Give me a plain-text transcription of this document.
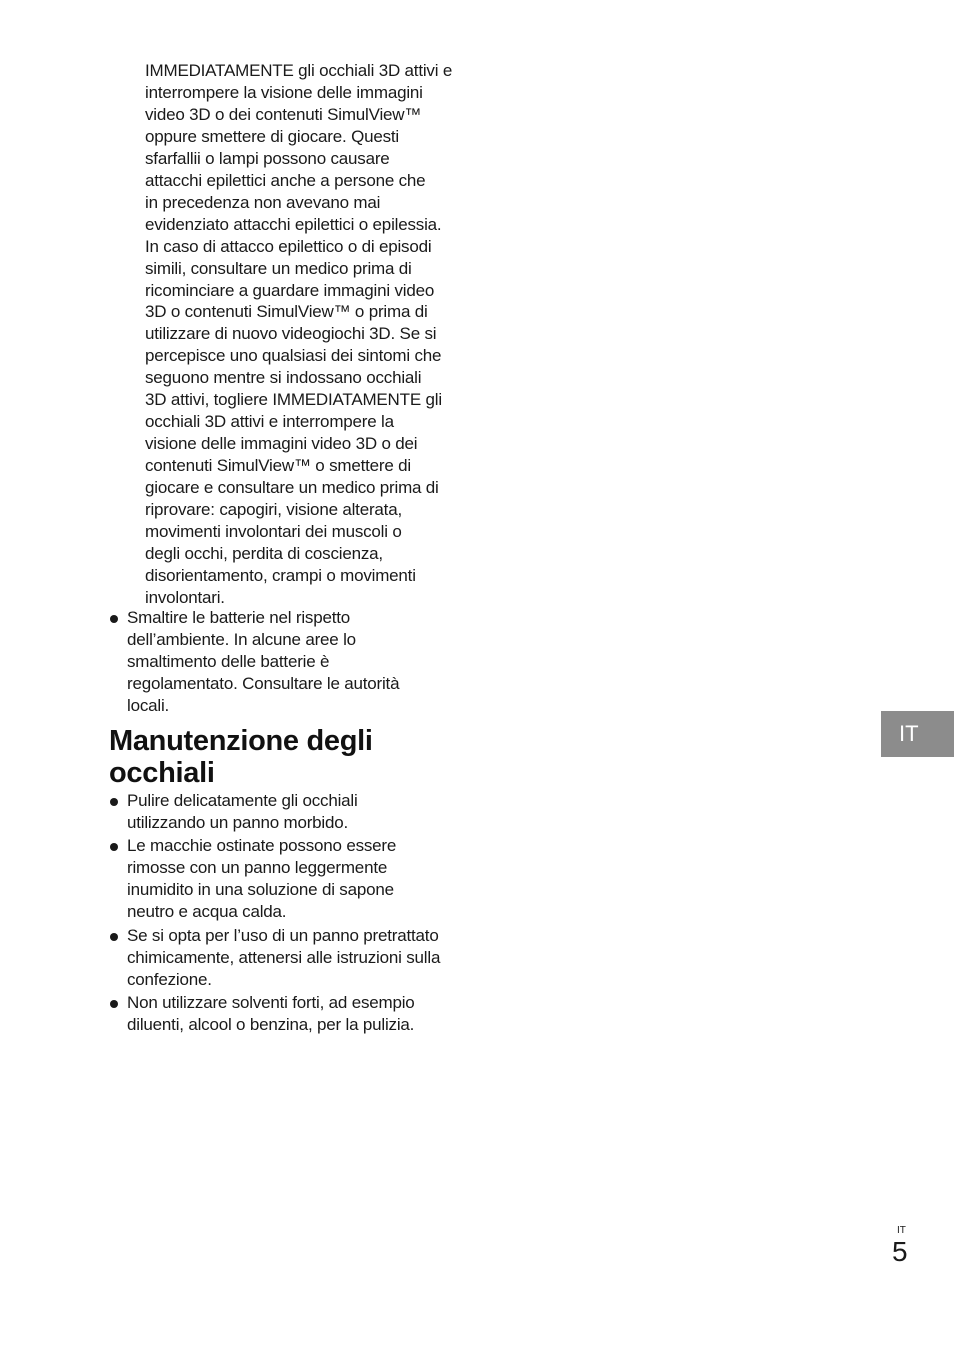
IMMEDIATAMENTE gli occhiali 3D attivi e
interrompere la visione delle immagini
video 3D o dei contenuti SimulView™
oppure smettere di giocare. Questi
sfarfallii o lampi possono causare
attacchi epilettici anche a persone che
in precedenza non avevano mai
evidenziato attacchi epilettici o epilessia.
In caso di attacco epilettico o di episodi
simili, consultare un medico prima di
ricominciare a guardare immagini video
3D o contenuti SimulView™ o prima di
utilizzare di nuovo videogiochi 3D. Se si
percepisce uno qualsiasi dei sintomi che
seguono mentre si indossano occhiali
3D attivi, togliere IMMEDIATAMENTE gli
occhiali 3D attivi e interrompere la
visione delle immagini video 3D o dei
contenuti SimulView™ o smettere di
giocare e consultare un medico prima di
riprovare: capogiri, visione alterata,
movimenti involontari dei muscoli o
degli occhi, perdita di coscienza,
disorientamento, crampi o movimenti
involontari.

Smaltire le batterie nel rispetto
dell’ambiente. In alcune aree lo
smaltimento delle batterie è
regolamentato. Consultare le autorità
locali.
Manutenzione degli
occhiali
Pulire delicatamente gli occhiali
utilizzando un panno morbido.
Le macchie ostinate possono essere
rimosse con un panno leggermente
inumidito in una soluzione di sapone
neutro e acqua calda.
Se si opta per l’uso di un panno pretrattato
chimicamente, attenersi alle istruzioni sulla
confezione.
Non utilizzare solventi forti, ad esempio
diluenti, alcool o benzina, per la pulizia.
IT
IT
5
